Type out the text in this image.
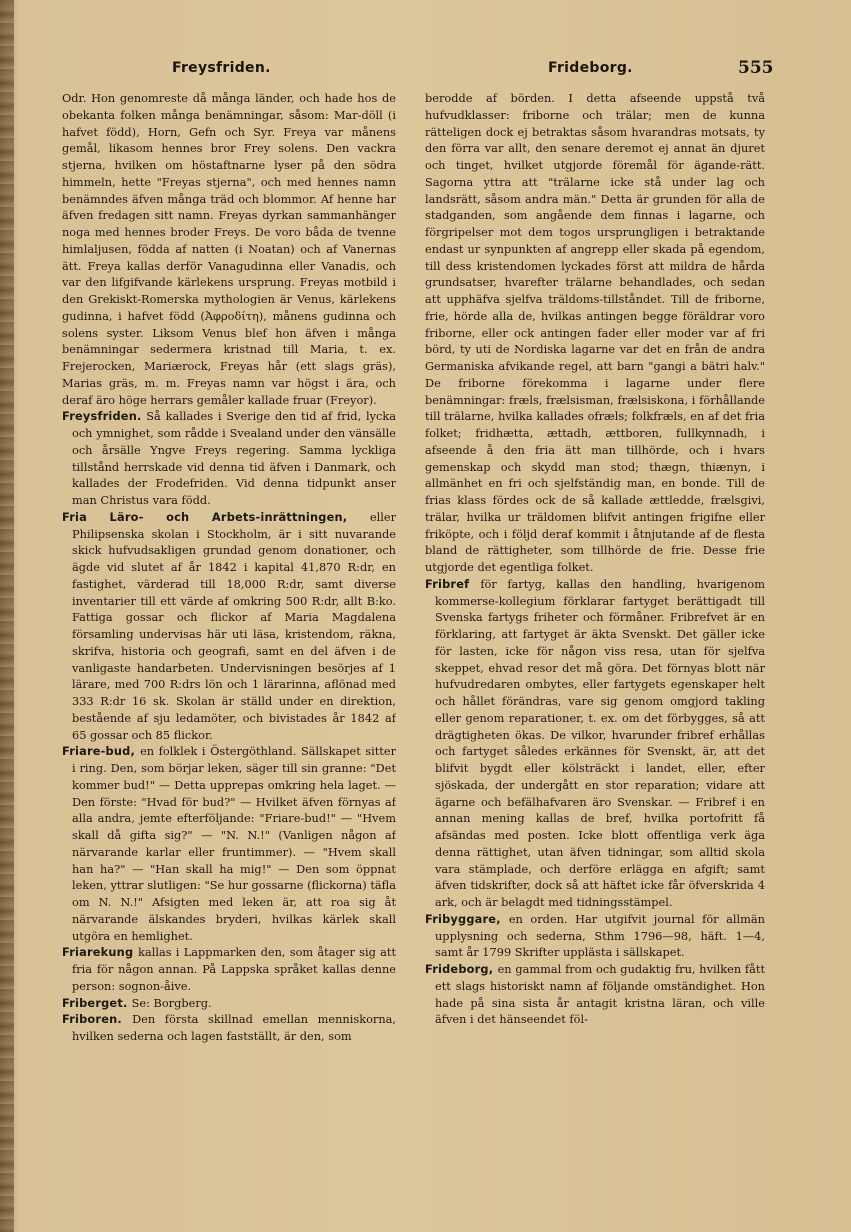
Freysfriden.	Frideborg.	555

Odr. Hon genomreste då många länder, och hade hos de obekanta folken många benämningar, såsom: Mar-döll (i hafvet född), Horn, Gefn och Syr. Freya var månens gemål, likasom hennes bror Frey solens. Den vackra stjerna, hvilken om höstaftnarne lyser på den södra himmeln, hette "Freyas stjerna", och med hennes namn benämndes äfven många träd och blommor. Af henne har äfven fredagen sitt namn. Freyas dyrkan sammanhänger noga med hennes broder Freys. De voro båda de tvenne himlaljusen, födda af natten (i Noatan) och af Vanernas ätt. Freya kallas derför Vanagudinna eller Vanadis, och var den lifgifvande kärlekens ursprung. Freyas motbild i den Grekiskt-Romerska mythologien är Venus, kärlekens gudinna, i hafvet född (Ἀφροδίτη), månens gudinna och solens syster. Liksom Venus blef hon äfven i många benämningar sedermera kristnad till Maria, t. ex. Frejerocken, Mariærock, Freyas hår (ett slags gräs), Marias gräs, m. m. Freyas namn var högst i ära, och deraf äro höge herrars gemåler kallade fruar (Freyor).

Freysfriden. Så kallades i Sverige den tid af frid, lycka och ymnighet, som rådde i Svealand under den vänsälle och årsälle Yngve Freys regering. Samma lyckliga tillstånd herrskade vid denna tid äfven i Danmark, och kallades der Frodefriden. Vid denna tidpunkt anser man Christus vara född.

Fria Läro- och Arbets-inrättningen, eller Philipsenska skolan i Stockholm, är i sitt nuvarande skick hufvudsakligen grundad genom donationer, och ägde vid slutet af år 1842 i kapital 41,870 R:dr, en fastighet, värderad till 18,000 R:dr, samt diverse inventarier till ett värde af omkring 500 R:dr, allt B:ko. Fattiga gossar och flickor af Maria Magdalena församling undervisas här uti läsa, kristendom, räkna, skrifva, historia och geografi, samt en del äfven i de vanligaste handarbeten. Undervisningen besörjes af 1 lärare, med 700 R:drs lön och 1 lärarinna, aflönad med 333 R:dr 16 sk. Skolan är ställd under en direktion, bestående af sju ledamöter, och bivistades år 1842 af 65 gossar och 85 flickor.

Friare-bud, en folklek i Östergöthland. Sällskapet sitter i ring. Den, som börjar leken, säger till sin granne: "Det kommer bud!" — Detta upprepas omkring hela laget. — Den förste: "Hvad för bud?" — Hvilket äfven förnyas af alla andra, jemte efterföljande: "Friare-bud!" — "Hvem skall då gifta sig?" — "N. N.!" (Vanligen någon af närvarande karlar eller fruntimmer). — "Hvem skall han ha?" — "Han skall ha mig!" — Den som öppnat leken, yttrar slutligen: "Se hur gossarne (flickorna) täfla om N. N.!" Afsigten med leken är, att roa sig åt närvarande älskandes bryderi, hvilkas kärlek skall utgöra en hemlighet.

Friarekung kallas i Lappmarken den, som åtager sig att fria för någon annan. På Lappska språket kallas denne person: sognon-åive.

Friberget. Se: Borgberg.

Friboren. Den första skillnad emellan menniskorna, hvilken sederna och lagen fastställt, är den, som

berodde af börden. I detta afseende uppstå två hufvudklasser: friborne och trälar; men de kunna rätteligen dock ej betraktas såsom hvarandras motsats, ty den förra var allt, den senare deremot ej annat än djuret och tinget, hvilket utgjorde föremål för ägande-rätt. Sagorna yttra att "trälarne icke stå under lag och landsrätt, såsom andra män." Detta är grunden för alla de stadganden, som angående dem finnas i lagarne, och förgripelser mot dem togos ursprungligen i betraktande endast ur synpunkten af angrepp eller skada på egendom, till dess kristendomen lyckades först att mildra de hårda grundsatser, hvarefter trälarne behandlades, och sedan att upphäfva sjelfva träldoms-tillståndet. Till de friborne, frie, hörde alla de, hvilkas antingen begge föräldrar voro friborne, eller ock antingen fader eller moder var af fri börd, ty uti de Nordiska lagarne var det en från de andra Germaniska afvikande regel, att barn "gangi a bätri halv." De friborne förekomma i lagarne under flere benämningar: fræls, frælsisman, frælsiskona, i förhållande till trälarne, hvilka kallades ofræls; folkfræls, en af det fria folket; fridhætta, ættadh, ættboren, fullkynnadh, i afseende å den fria ätt man tillhörde, och i hvars gemenskap och skydd man stod; thægn, thiænyn, i allmänhet en fri och sjelfständig man, en bonde. Till de frias klass fördes ock de så kallade ættleddе, frælsgivi, trälar, hvilka ur träldomen blifvit antingen frigifne eller friköpte, och i följd deraf kommit i åtnjutande af de flesta bland de rättigheter, som tillhörde de frie. Desse frie utgjorde det egentliga folket.

Fribref för fartyg, kallas den handling, hvarigenom kommerse-kollegium förklarar fartyget berättigadt till Svenska fartygs friheter och förmåner. Fribrefvet är en förklaring, att fartyget är äkta Svenskt. Det gäller icke för lasten, icke för någon viss resa, utan för sjelfva skeppet, ehvad resor det må göra. Det förnyas blott när hufvudredaren ombytes, eller fartygets egenskaper helt och hållet förändras, vare sig genom omgjord takling eller genom reparationer, t. ex. om det förbygges, så att drägtigheten ökas. De vilkor, hvarunder fribref erhållas och fartyget således erkännes för Svenskt, är, att det blifvit bygdt eller kölsträckt i landet, eller, efter sjöskada, der undergått en stor reparation; vidare att ägarne och befälhafvaren äro Svenskar. — Fribref i en annan mening kallas de bref, hvilka portofritt få afsändas med posten. Icke blott offentliga verk äga denna rättighet, utan äfven tidningar, som alltid skola vara stämplade, och derföre erlägga en afgift; samt äfven tidskrifter, dock så att häftet icke får öfverskrida 4 ark, och är belagdt med tidningsstämpel.

Fribyggare, en orden. Har utgifvit journal för allmän upplysning och sederna, Sthm 1796—98, häft. 1—4, samt år 1799 Skrifter upplästa i sällskapet.

Frideborg, en gammal from och gudaktig fru, hvilken fått ett slags historiskt namn af följande omständighet. Hon hade på sina sista år antagit kristna läran, och ville äfven i det hänseendet föl-
